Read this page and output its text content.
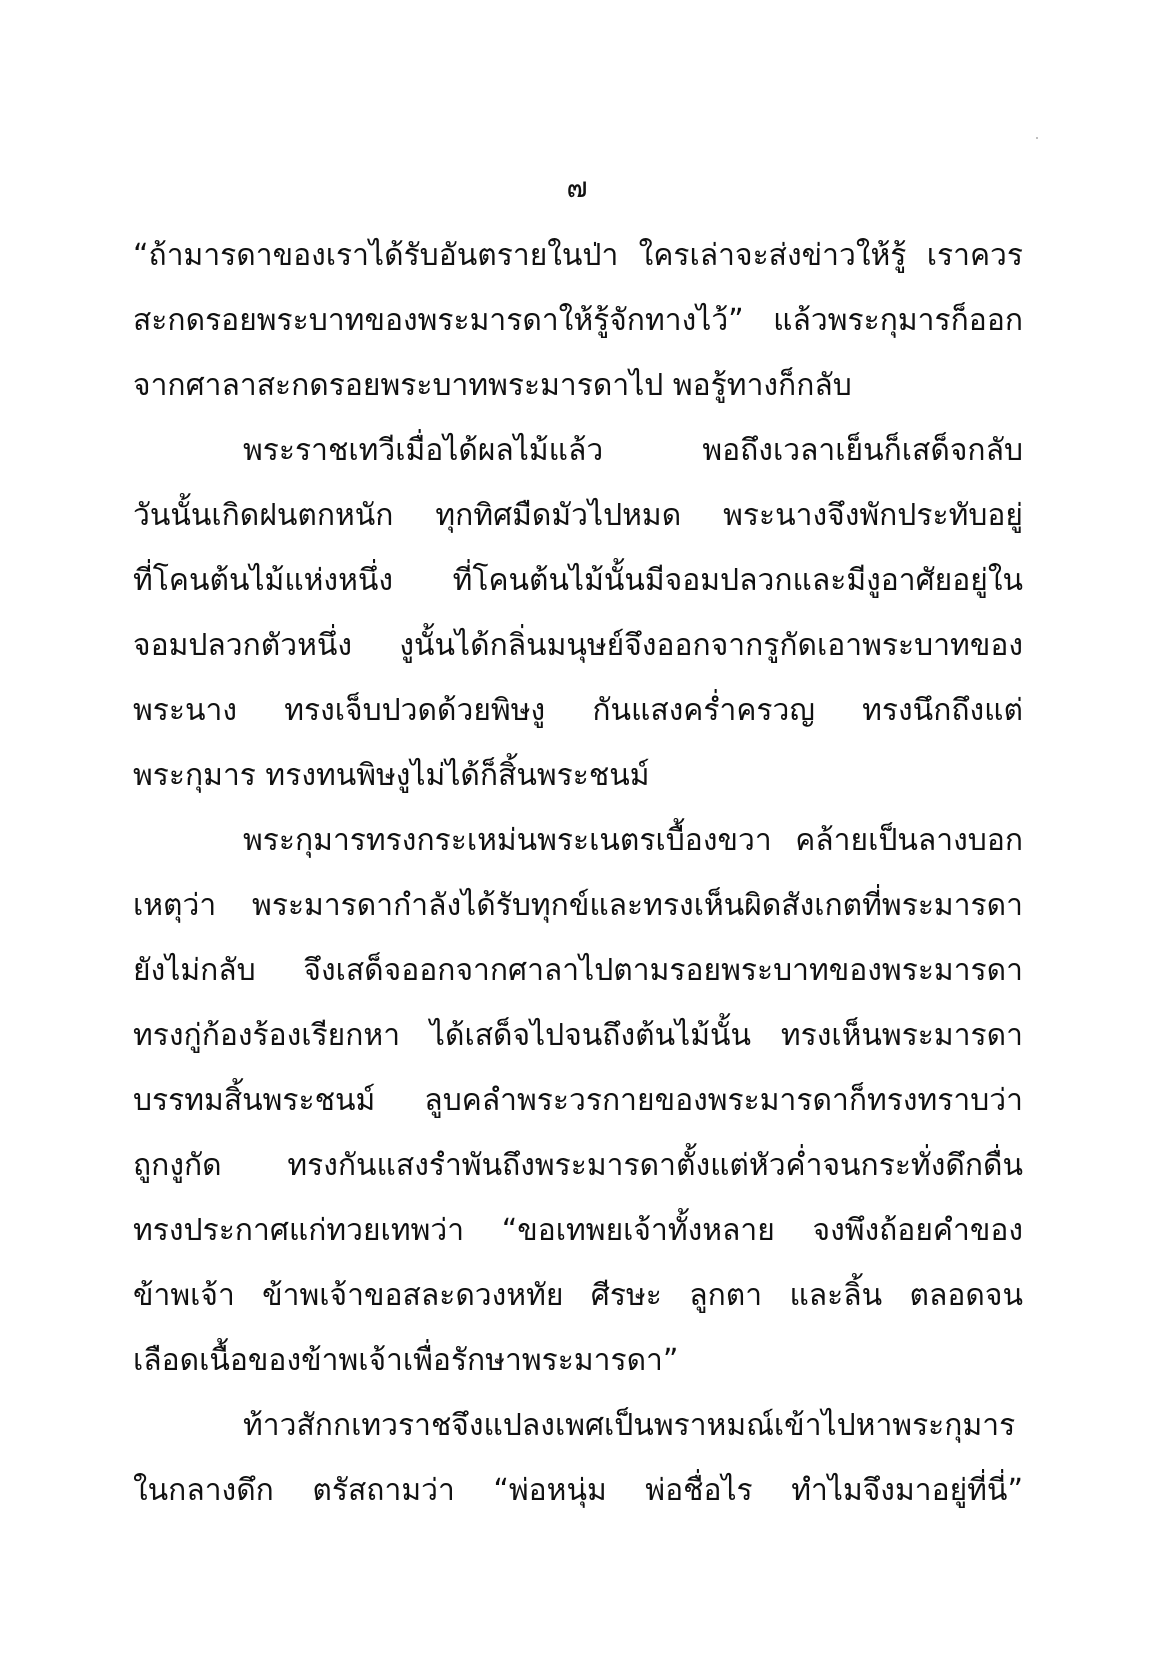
๗
“ถ้ามารดาของเราได้รับอันตรายในป่า ใครเล่าจะส่งข่าวให้รู้ เราควร
สะกดรอยพระบาทของพระมารดาให้รู้จักทางไว้” แล้วพระกุมารก็ออก
จากศาลาสะกดรอยพระบาทพระมารดาไป พอรู้ทางก็กลับ
พระราชเทวีเมื่อได้ผลไม้แล้ว พอถึงเวลาเย็นก็เสด็จกลับ
วันนั้นเกิดฝนตกหนัก ทุกทิศมืดมัวไปหมด พระนางจึงพักประทับอยู่
ที่โคนต้นไม้แห่งหนึ่ง ที่โคนต้นไม้นั้นมีจอมปลวกและมีงูอาศัยอยู่ใน
จอมปลวกตัวหนึ่ง งูนั้นได้กลิ่นมนุษย์จึงออกจากรูกัดเอาพระบาทของ
พระนาง ทรงเจ็บปวดด้วยพิษงู กันแสงคร่ำครวญ ทรงนึกถึงแต่
พระกุมาร ทรงทนพิษงูไม่ได้ก็สิ้นพระชนม์
พระกุมารทรงกระเหม่นพระเนตรเบื้องขวา คล้ายเป็นลางบอก
เหตุว่า พระมารดากำลังได้รับทุกข์และทรงเห็นผิดสังเกตที่พระมารดา
ยังไม่กลับ จึงเสด็จออกจากศาลาไปตามรอยพระบาทของพระมารดา
ทรงกู่ก้องร้องเรียกหา ได้เสด็จไปจนถึงต้นไม้นั้น ทรงเห็นพระมารดา
บรรทมสิ้นพระชนม์ ลูบคลำพระวรกายของพระมารดาก็ทรงทราบว่า
ถูกงูกัด ทรงกันแสงรำพันถึงพระมารดาตั้งแต่หัวค่ำจนกระทั่งดึกดื่น
ทรงประกาศแก่ทวยเทพว่า “ขอเทพยเจ้าทั้งหลาย จงพึงถ้อยคำของ
ข้าพเจ้า ข้าพเจ้าขอสละดวงหทัย ศีรษะ ลูกตา และลิ้น ตลอดจน
เลือดเนื้อของข้าพเจ้าเพื่อรักษาพระมารดา”
ท้าวสักกเทวราชจึงแปลงเพศเป็นพราหมณ์เข้าไปหาพระกุมาร
ในกลางดึก ตรัสถามว่า “พ่อหนุ่ม พ่อชื่อไร ทำไมจึงมาอยู่ที่นี่”
